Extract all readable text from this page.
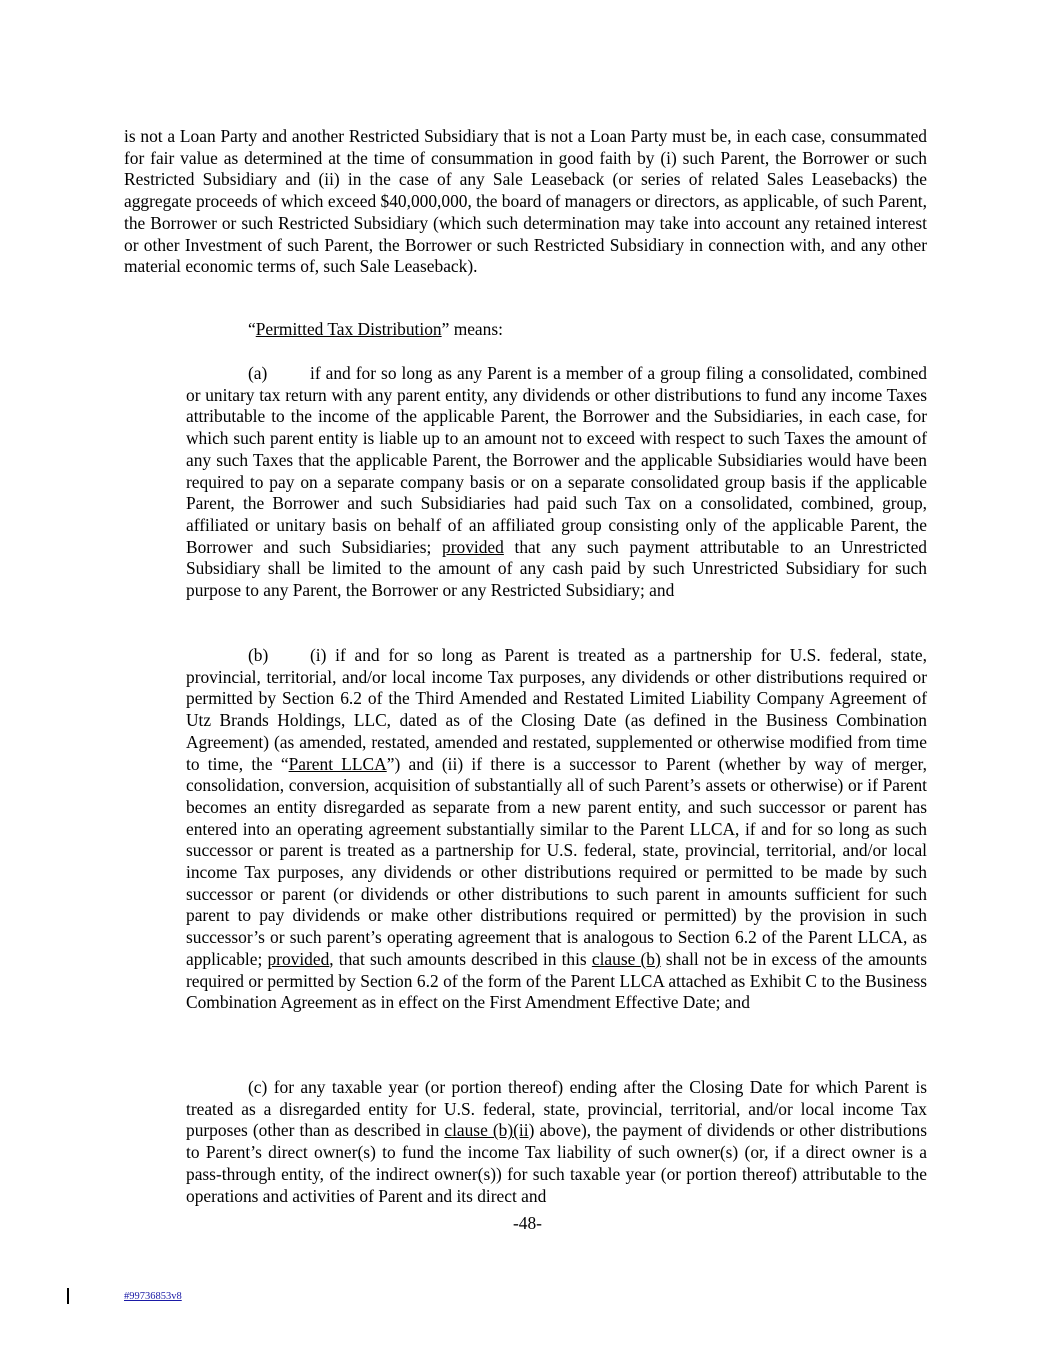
is not a Loan Party and another Restricted Subsidiary that is not a Loan Party must be, in each case, consummated for fair value as determined at the time of consummation in good faith by (i) such Parent, the Borrower or such Restricted Subsidiary and (ii) in the case of any Sale Leaseback (or series of related Sales Leasebacks) the aggregate proceeds of which exceed $40,000,000, the board of managers or directors, as applicable, of such Parent, the Borrower or such Restricted Subsidiary (which such determination may take into account any retained interest or other Investment of such Parent, the Borrower or such Restricted Subsidiary in connection with, and any other material economic terms of, such Sale Leaseback).

“Permitted Tax Distribution” means:

(a) if and for so long as any Parent is a member of a group filing a consolidated, combined or unitary tax return with any parent entity, any dividends or other distributions to fund any income Taxes attributable to the income of the applicable Parent, the Borrower and the Subsidiaries, in each case, for which such parent entity is liable up to an amount not to exceed with respect to such Taxes the amount of any such Taxes that the applicable Parent, the Borrower and the applicable Subsidiaries would have been required to pay on a separate company basis or on a separate consolidated group basis if the applicable Parent, the Borrower and such Subsidiaries had paid such Tax on a consolidated, combined, group, affiliated or unitary basis on behalf of an affiliated group consisting only of the applicable Parent, the Borrower and such Subsidiaries; provided that any such payment attributable to an Unrestricted Subsidiary shall be limited to the amount of any cash paid by such Unrestricted Subsidiary for such purpose to any Parent, the Borrower or any Restricted Subsidiary; and

(b) (i) if and for so long as Parent is treated as a partnership for U.S. federal, state, provincial, territorial, and/or local income Tax purposes, any dividends or other distributions required or permitted by Section 6.2 of the Third Amended and Restated Limited Liability Company Agreement of Utz Brands Holdings, LLC, dated as of the Closing Date (as defined in the Business Combination Agreement) (as amended, restated, amended and restated, supplemented or otherwise modified from time to time, the “Parent LLCA”) and (ii) if there is a successor to Parent (whether by way of merger, consolidation, conversion, acquisition of substantially all of such Parent’s assets or otherwise) or if Parent becomes an entity disregarded as separate from a new parent entity, and such successor or parent has entered into an operating agreement substantially similar to the Parent LLCA, if and for so long as such successor or parent is treated as a partnership for U.S. federal, state, provincial, territorial, and/or local income Tax purposes, any dividends or other distributions required or permitted to be made by such successor or parent (or dividends or other distributions to such parent in amounts sufficient for such parent to pay dividends or make other distributions required or permitted) by the provision in such successor’s or such parent’s operating agreement that is analogous to Section 6.2 of the Parent LLCA, as applicable; provided, that such amounts described in this clause (b) shall not be in excess of the amounts required or permitted by Section 6.2 of the form of the Parent LLCA attached as Exhibit C to the Business Combination Agreement as in effect on the First Amendment Effective Date; and

(c) for any taxable year (or portion thereof) ending after the Closing Date for which Parent is treated as a disregarded entity for U.S. federal, state, provincial, territorial, and/or local income Tax purposes (other than as described in clause (b)(ii) above), the payment of dividends or other distributions to Parent’s direct owner(s) to fund the income Tax liability of such owner(s) (or, if a direct owner is a pass-through entity, of the indirect owner(s)) for such taxable year (or portion thereof) attributable to the operations and activities of Parent and its direct and

-48-

#99736853v8
